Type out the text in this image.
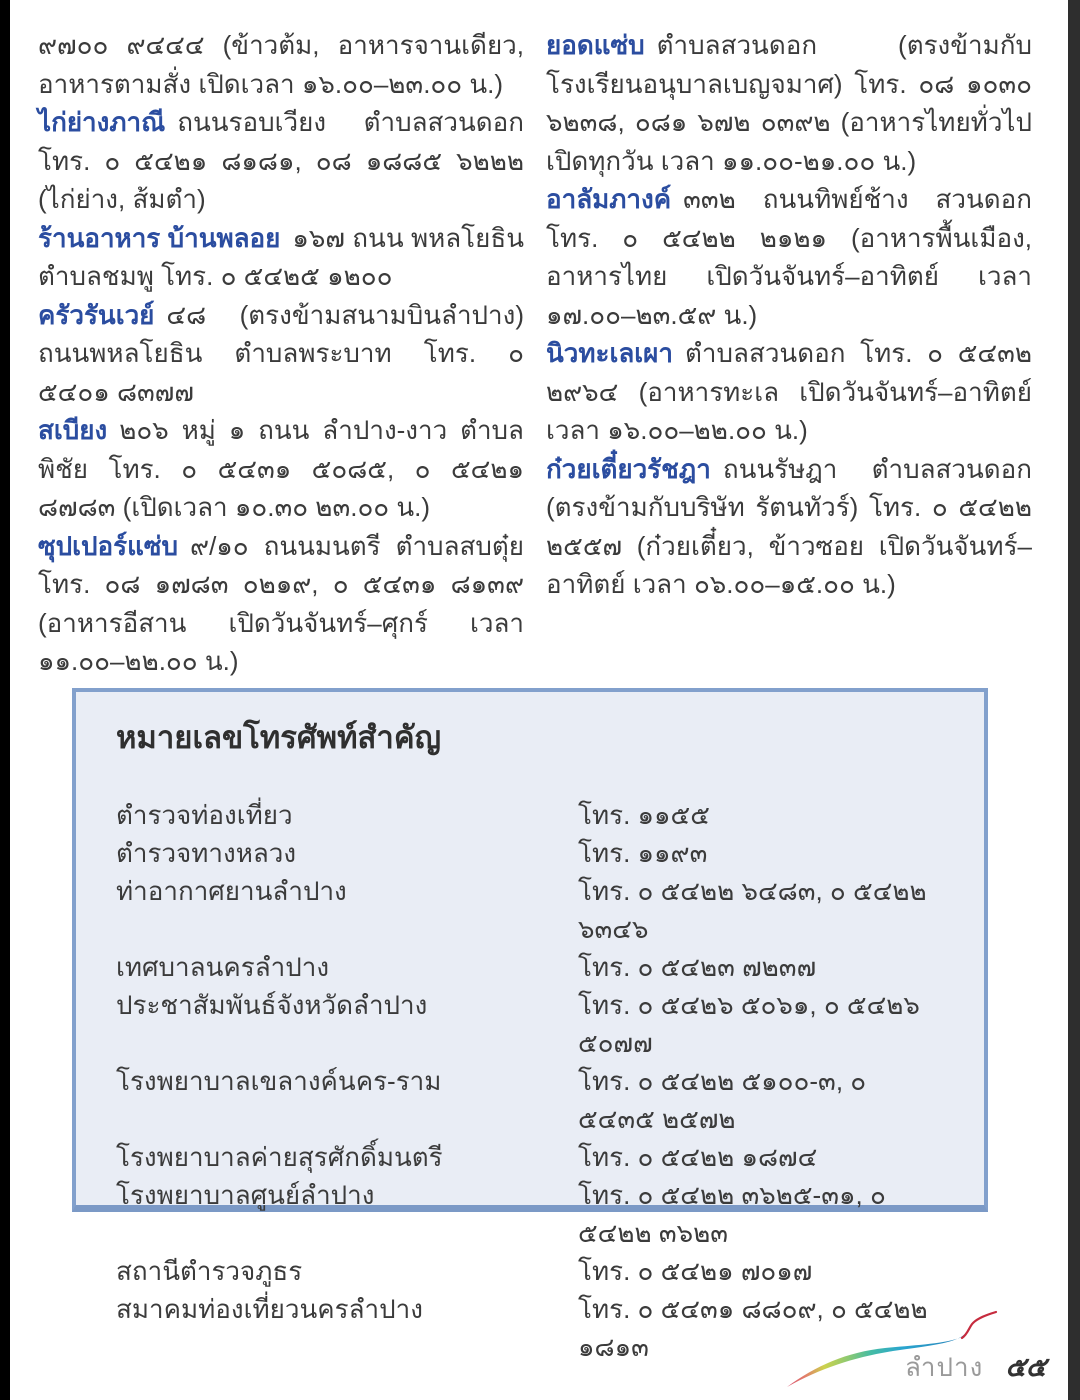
๙๗๐๐ ๙๔๔๔ (ข้าวต้ม, อาหารจานเดียว, อาหารตามสั่ง เปิดเวลา ๑๖.๐๐–๒๓.๐๐ น.)

ไก่ย่างภาณี ถนนรอบเวียง ตำบลสวนดอก โทร. ๐ ๕๔๒๑ ๘๑๘๑, ๐๘ ๑๘๘๕ ๖๒๒๒ (ไก่ย่าง, ส้มตำ)

ร้านอาหาร บ้านพลอย ๑๖๗ ถนน พหลโยธิน ตำบลชมพู โทร. ๐ ๕๔๒๕ ๑๒๐๐

ครัวรันเวย์ ๔๘ (ตรงข้ามสนามบินลำปาง) ถนนพหลโยธิน ตำบลพระบาท โทร. ๐ ๕๔๐๑ ๘๓๗๗

สเบียง ๒๐๖ หมู่ ๑ ถนน ลำปาง-งาว ตำบล พิชัย โทร. ๐ ๕๔๓๑ ๕๐๘๕, ๐ ๕๔๒๑ ๘๗๘๓ (เปิดเวลา ๑๐.๓๐ ๒๓.๐๐ น.)

ซุปเปอร์แซ่บ ๙/๑๐ ถนนมนตรี ตำบลสบตุ๋ย โทร. ๐๘ ๑๗๘๓ ๐๒๑๙, ๐ ๕๔๓๑ ๘๑๓๙ (อาหารอีสาน เปิดวันจันทร์–ศุกร์ เวลา ๑๑.๐๐–๒๒.๐๐ น.)

ยอดแซ่บ ตำบลสวนดอก (ตรงข้ามกับโรงเรียนอนุบาลเบญจมาศ) โทร. ๐๘ ๑๐๓๐ ๖๒๓๘, ๐๘๑ ๖๗๒ ๐๓๙๒ (อาหารไทยทั่วไป เปิดทุกวัน เวลา ๑๑.๐๐-๒๑.๐๐ น.)

อาลัมภางค์ ๓๓๒ ถนนทิพย์ช้าง สวนดอก โทร. ๐ ๕๔๒๒ ๒๑๒๑ (อาหารพื้นเมือง, อาหารไทย เปิดวันจันทร์–อาทิตย์ เวลา ๑๗.๐๐–๒๓.๕๙ น.)

นิวทะเลเผา ตำบลสวนดอก โทร. ๐ ๕๔๓๒ ๒๙๖๔ (อาหารทะเล เปิดวันจันทร์–อาทิตย์ เวลา ๑๖.๐๐–๒๒.๐๐ น.)

ก๋วยเตี๋ยวรัชฎา ถนนรัษฎา ตำบลสวนดอก (ตรงข้ามกับบริษัท รัตนทัวร์) โทร. ๐ ๕๔๒๒ ๒๕๕๗ (ก๋วยเตี๋ยว, ข้าวซอย เปิดวันจันทร์–อาทิตย์ เวลา ๐๖.๐๐–๑๕.๐๐ น.)

หมายเลขโทรศัพท์สำคัญ
ตำรวจท่องเที่ยว	โทร. ๑๑๕๕
ตำรวจทางหลวง	โทร. ๑๑๙๓
ท่าอากาศยานลำปาง	โทร. ๐ ๕๔๒๒ ๖๔๘๓, ๐ ๕๔๒๒ ๖๓๔๖
เทศบาลนครลำปาง	โทร. ๐ ๕๔๒๓ ๗๒๓๗
ประชาสัมพันธ์จังหวัดลำปาง	โทร. ๐ ๕๔๒๖ ๕๐๖๑, ๐ ๕๔๒๖ ๕๐๗๗
โรงพยาบาลเขลางค์นคร-ราม	โทร. ๐ ๕๔๒๒ ๕๑๐๐-๓, ๐ ๕๔๓๕ ๒๕๗๒
โรงพยาบาลค่ายสุรศักดิ์มนตรี	โทร. ๐ ๕๔๒๒ ๑๘๗๔
โรงพยาบาลศูนย์ลำปาง	โทร. ๐ ๕๔๒๒ ๓๖๒๕-๓๑, ๐ ๕๔๒๒ ๓๖๒๓
สถานีตำรวจภูธร	โทร. ๐ ๕๔๒๑ ๗๐๑๗
สมาคมท่องเที่ยวนครลำปาง	โทร. ๐ ๕๔๓๑ ๘๘๐๙, ๐ ๕๔๒๒ ๑๘๑๓
ลำปาง ๕๕
